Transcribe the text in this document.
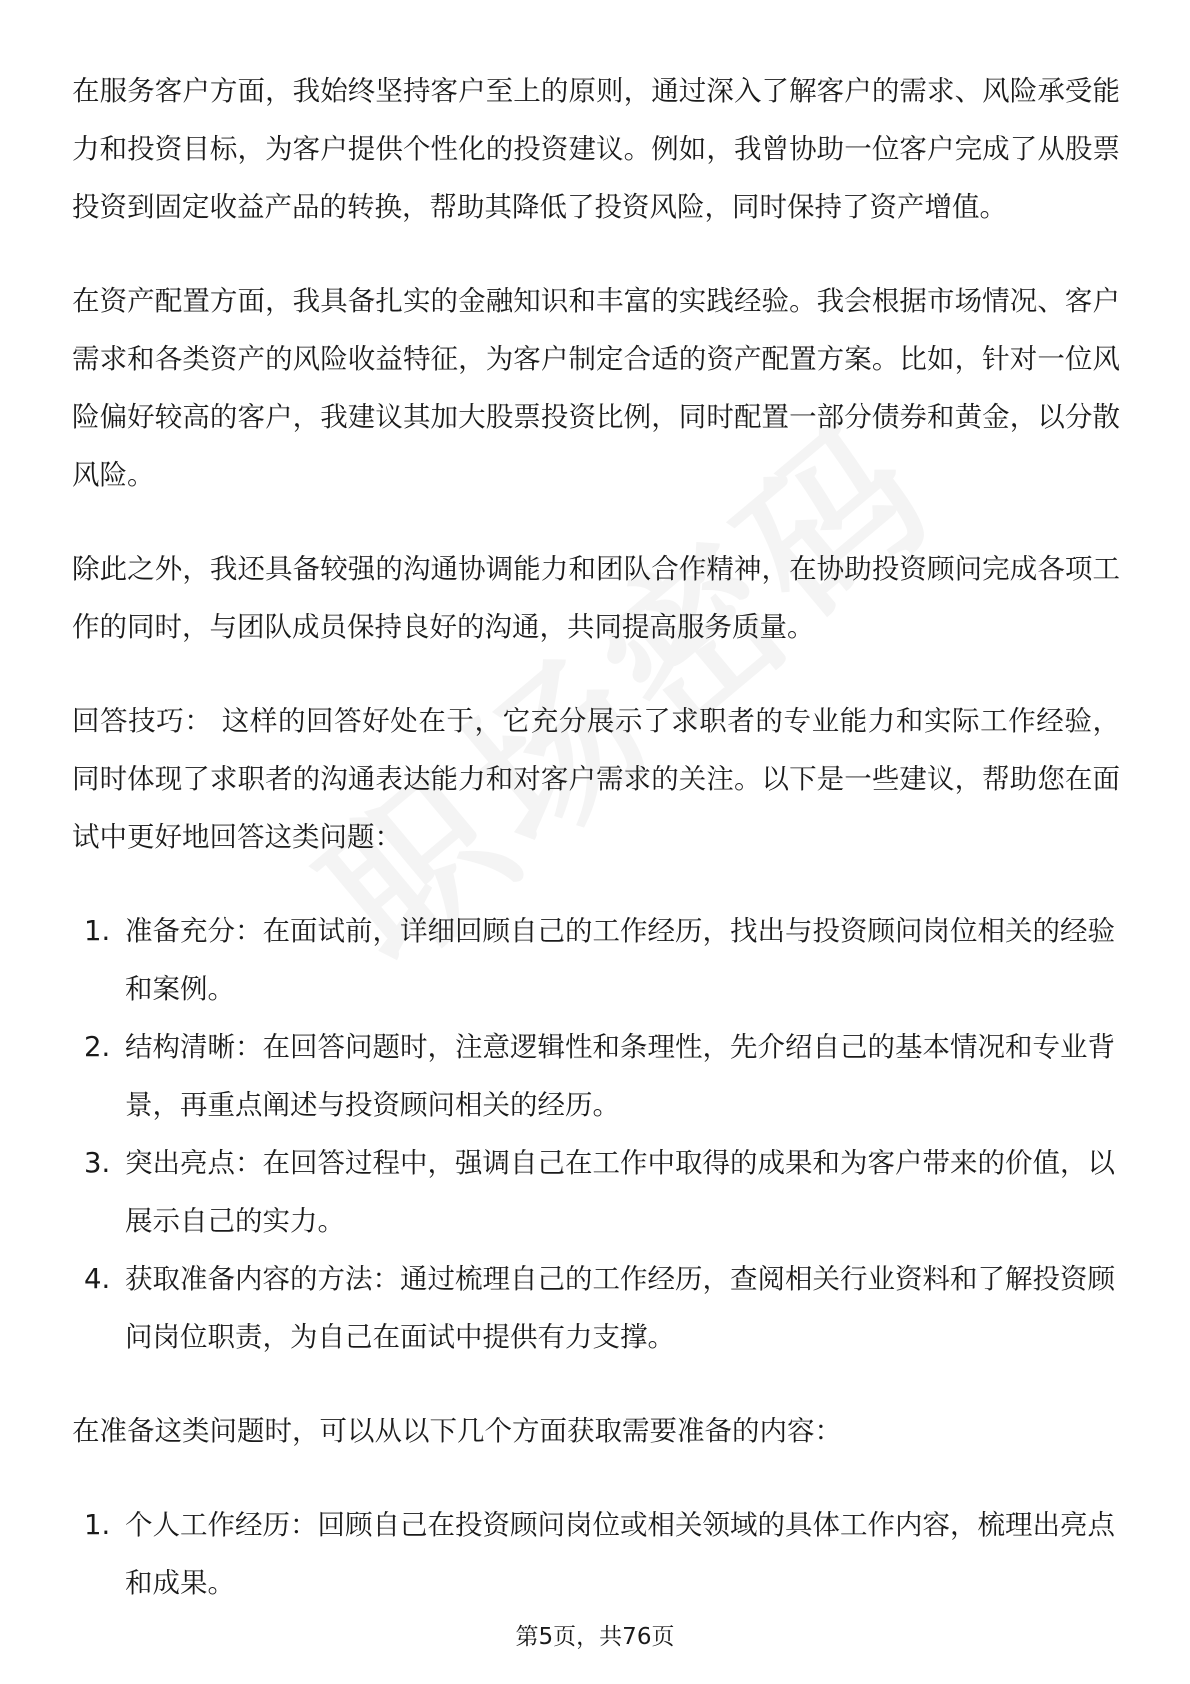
在服务客户方面，我始终坚持客户至上的原则，通过深入了解客户的需求、风险承受能力和投资目标，为客户提供个性化的投资建议。例如，我曾协助一位客户完成了从股票投资到固定收益产品的转换，帮助其降低了投资风险，同时保持了资产增值。

在资产配置方面，我具备扎实的金融知识和丰富的实践经验。我会根据市场情况、客户需求和各类资产的风险收益特征，为客户制定合适的资产配置方案。比如，针对一位风险偏好较高的客户，我建议其加大股票投资比例，同时配置一部分债券和黄金，以分散风险。

除此之外，我还具备较强的沟通协调能力和团队合作精神，在协助投资顾问完成各项工作的同时，与团队成员保持良好的沟通，共同提高服务质量。

回答技巧： 这样的回答好处在于，它充分展示了求职者的专业能力和实际工作经验，同时体现了求职者的沟通表达能力和对客户需求的关注。以下是一些建议，帮助您在面试中更好地回答这类问题：

1. 准备充分：在面试前，详细回顾自己的工作经历，找出与投资顾问岗位相关的经验和案例。
2. 结构清晰：在回答问题时，注意逻辑性和条理性，先介绍自己的基本情况和专业背景，再重点阐述与投资顾问相关的经历。
3. 突出亮点：在回答过程中，强调自己在工作中取得的成果和为客户带来的价值，以展示自己的实力。
4. 获取准备内容的方法：通过梳理自己的工作经历，查阅相关行业资料和了解投资顾问岗位职责，为自己在面试中提供有力支撑。

在准备这类问题时，可以从以下几个方面获取需要准备的内容：

1. 个人工作经历：回顾自己在投资顾问岗位或相关领域的具体工作内容，梳理出亮点和成果。
第5页，共76页
